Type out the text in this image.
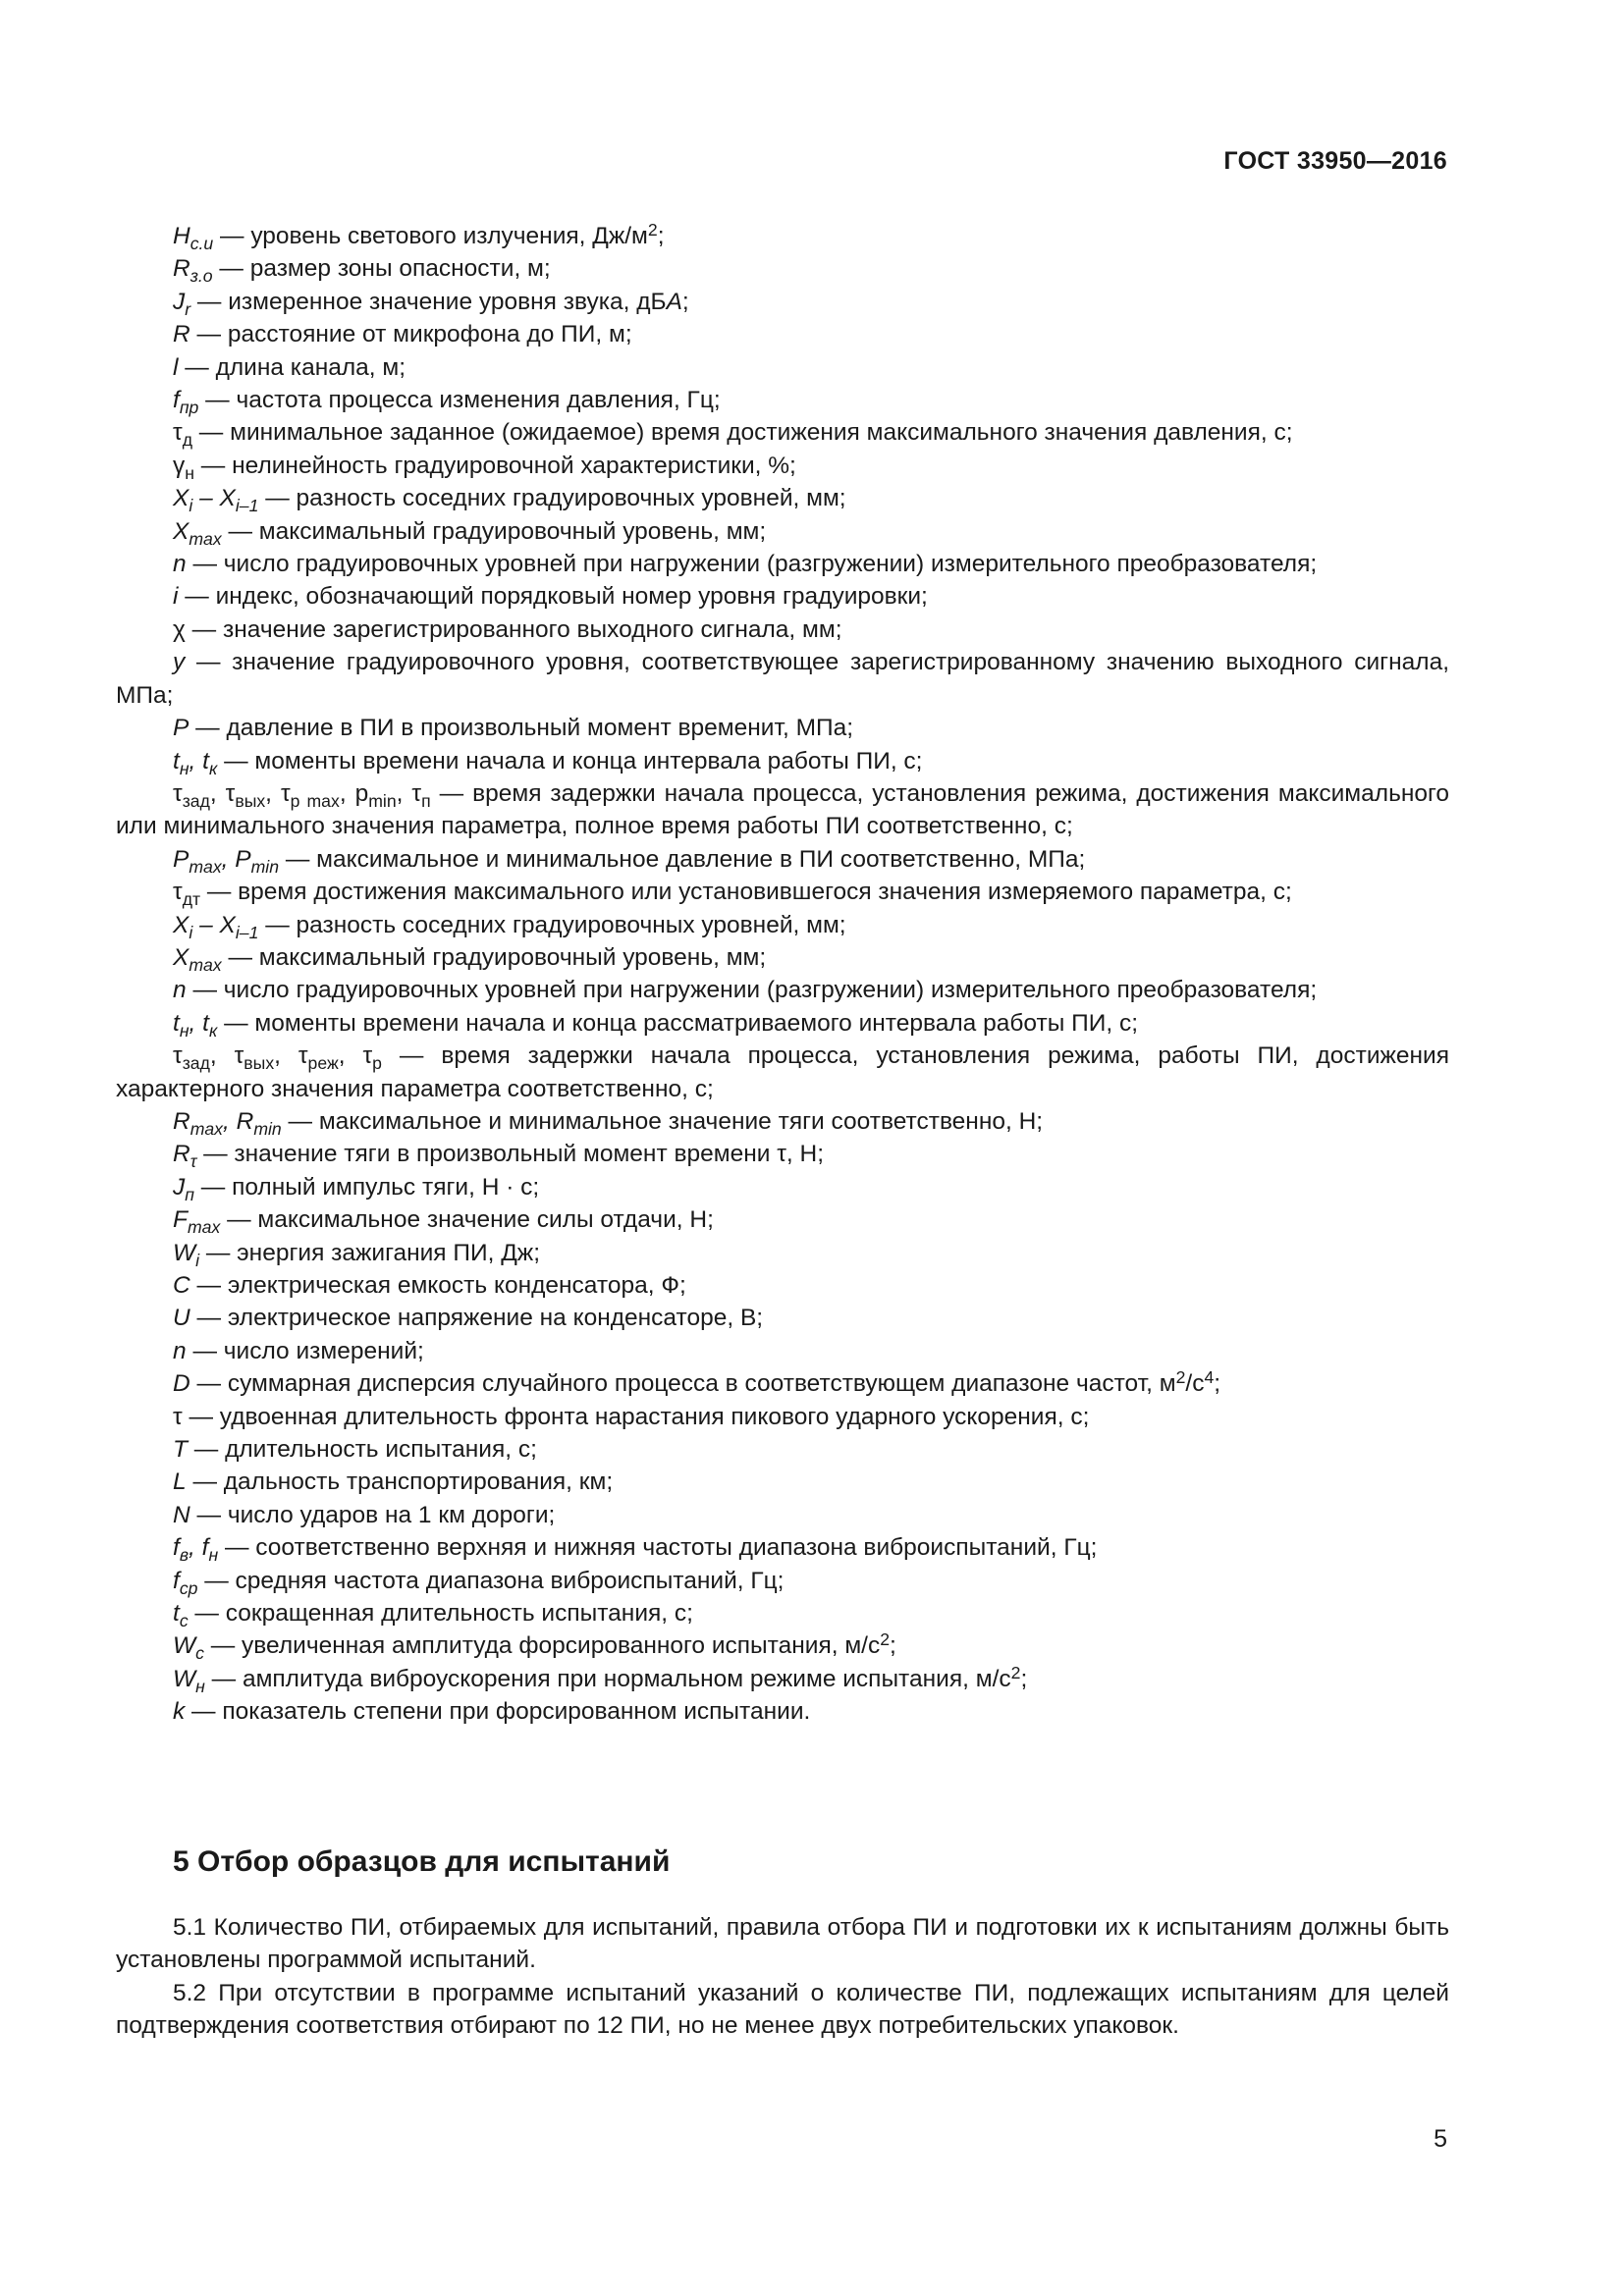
ГОСТ 33950—2016

$H_{с.и}$ — уровень светового излучения, $Дж/м^2$;

$R_{з.о}$ — размер зоны опасности, м;

$J_r$ — измеренное значение уровня звука, дБA;

R — расстояние от микрофона до ПИ, м;

l — длина канала, м;

$f_{пр}$ — частота процесса изменения давления, Гц;

$\tau_д$ — минимальное заданное (ожидаемое) время достижения максимального значения давления, с;

$\gamma_н$ — нелинейность градуировочной характеристики, %;

$X_i - X_{i-1}$ — разность соседних градуировочных уровней, мм;

$X_{max}$ — максимальный градуировочный уровень, мм;

n — число градуировочных уровней при нагружении (разгружении) измерительного преобразователя;

i — индекс, обозначающий порядковый номер уровня градуировки;

χ — значение зарегистрированного выходного сигнала, мм;

y — значение градуировочного уровня, соответствующее зарегистрированному значению выходного сигнала, МПа;

P — давление в ПИ в произвольный момент временит, МПа;

$t_н$, $t_к$ — моменты времени начала и конца интервала работы ПИ, с;

$\tau_{зад}$, $\tau_{вых}$, $\tau_{p max}$, $p_{min}$, $\tau_п$ — время задержки начала процесса, установления режима, достижения максимального или минимального значения параметра, полное время работы ПИ соответственно, с;

$P_{max}$, $P_{min}$ — максимальное и минимальное давление в ПИ соответственно, МПа;

$\tau_{дт}$ — время достижения максимального или установившегося значения измеряемого параметра, с;

$X_i - X_{i-1}$ — разность соседних градуировочных уровней, мм;

$X_{max}$ — максимальный градуировочный уровень, мм;

n — число градуировочных уровней при нагружении (разгружении) измерительного преобразователя;

$t_н$, $t_к$ — моменты времени начала и конца рассматриваемого интервала работы ПИ, с;

$\tau_{зад}$, $\tau_{вых}$, $\tau_{реж}$, $\tau_р$ — время задержки начала процесса, установления режима, работы ПИ, достижения характерного значения параметра соответственно, с;

$R_{max}$, $R_{min}$ — максимальное и минимальное значение тяги соответственно, Н;

$R_\tau$ — значение тяги в произвольный момент времени τ, Н;

$J_п$ — полный импульс тяги, Н · с;

$F_{max}$ — максимальное значение силы отдачи, Н;

$W_i$ — энергия зажигания ПИ, Дж;

C — электрическая емкость конденсатора, Ф;

U — электрическое напряжение на конденсаторе, В;

n — число измерений;

D — суммарная дисперсия случайного процесса в соответствующем диапазоне частот, $м^2/с^4$;

τ — удвоенная длительность фронта нарастания пикового ударного ускорения, с;

T — длительность испытания, с;

L — дальность транспортирования, км;

N — число ударов на 1 км дороги;

$f_в$, $f_н$ — соответственно верхняя и нижняя частоты диапазона виброиспытаний, Гц;

$f_{ср}$ — средняя частота диапазона виброиспытаний, Гц;

$t_с$ — сокращенная длительность испытания, с;

$W_с$ — увеличенная амплитуда форсированного испытания, $м/с^2$;

$W_н$ — амплитуда виброускорения при нормальном режиме испытания, $м/с^2$;

k — показатель степени при форсированном испытании.

5 Отбор образцов для испытаний

5.1 Количество ПИ, отбираемых для испытаний, правила отбора ПИ и подготовки их к испытаниям должны быть установлены программой испытаний.

5.2 При отсутствии в программе испытаний указаний о количестве ПИ, подлежащих испытаниям для целей подтверждения соответствия отбирают по 12 ПИ, но не менее двух потребительских упаковок.

5
